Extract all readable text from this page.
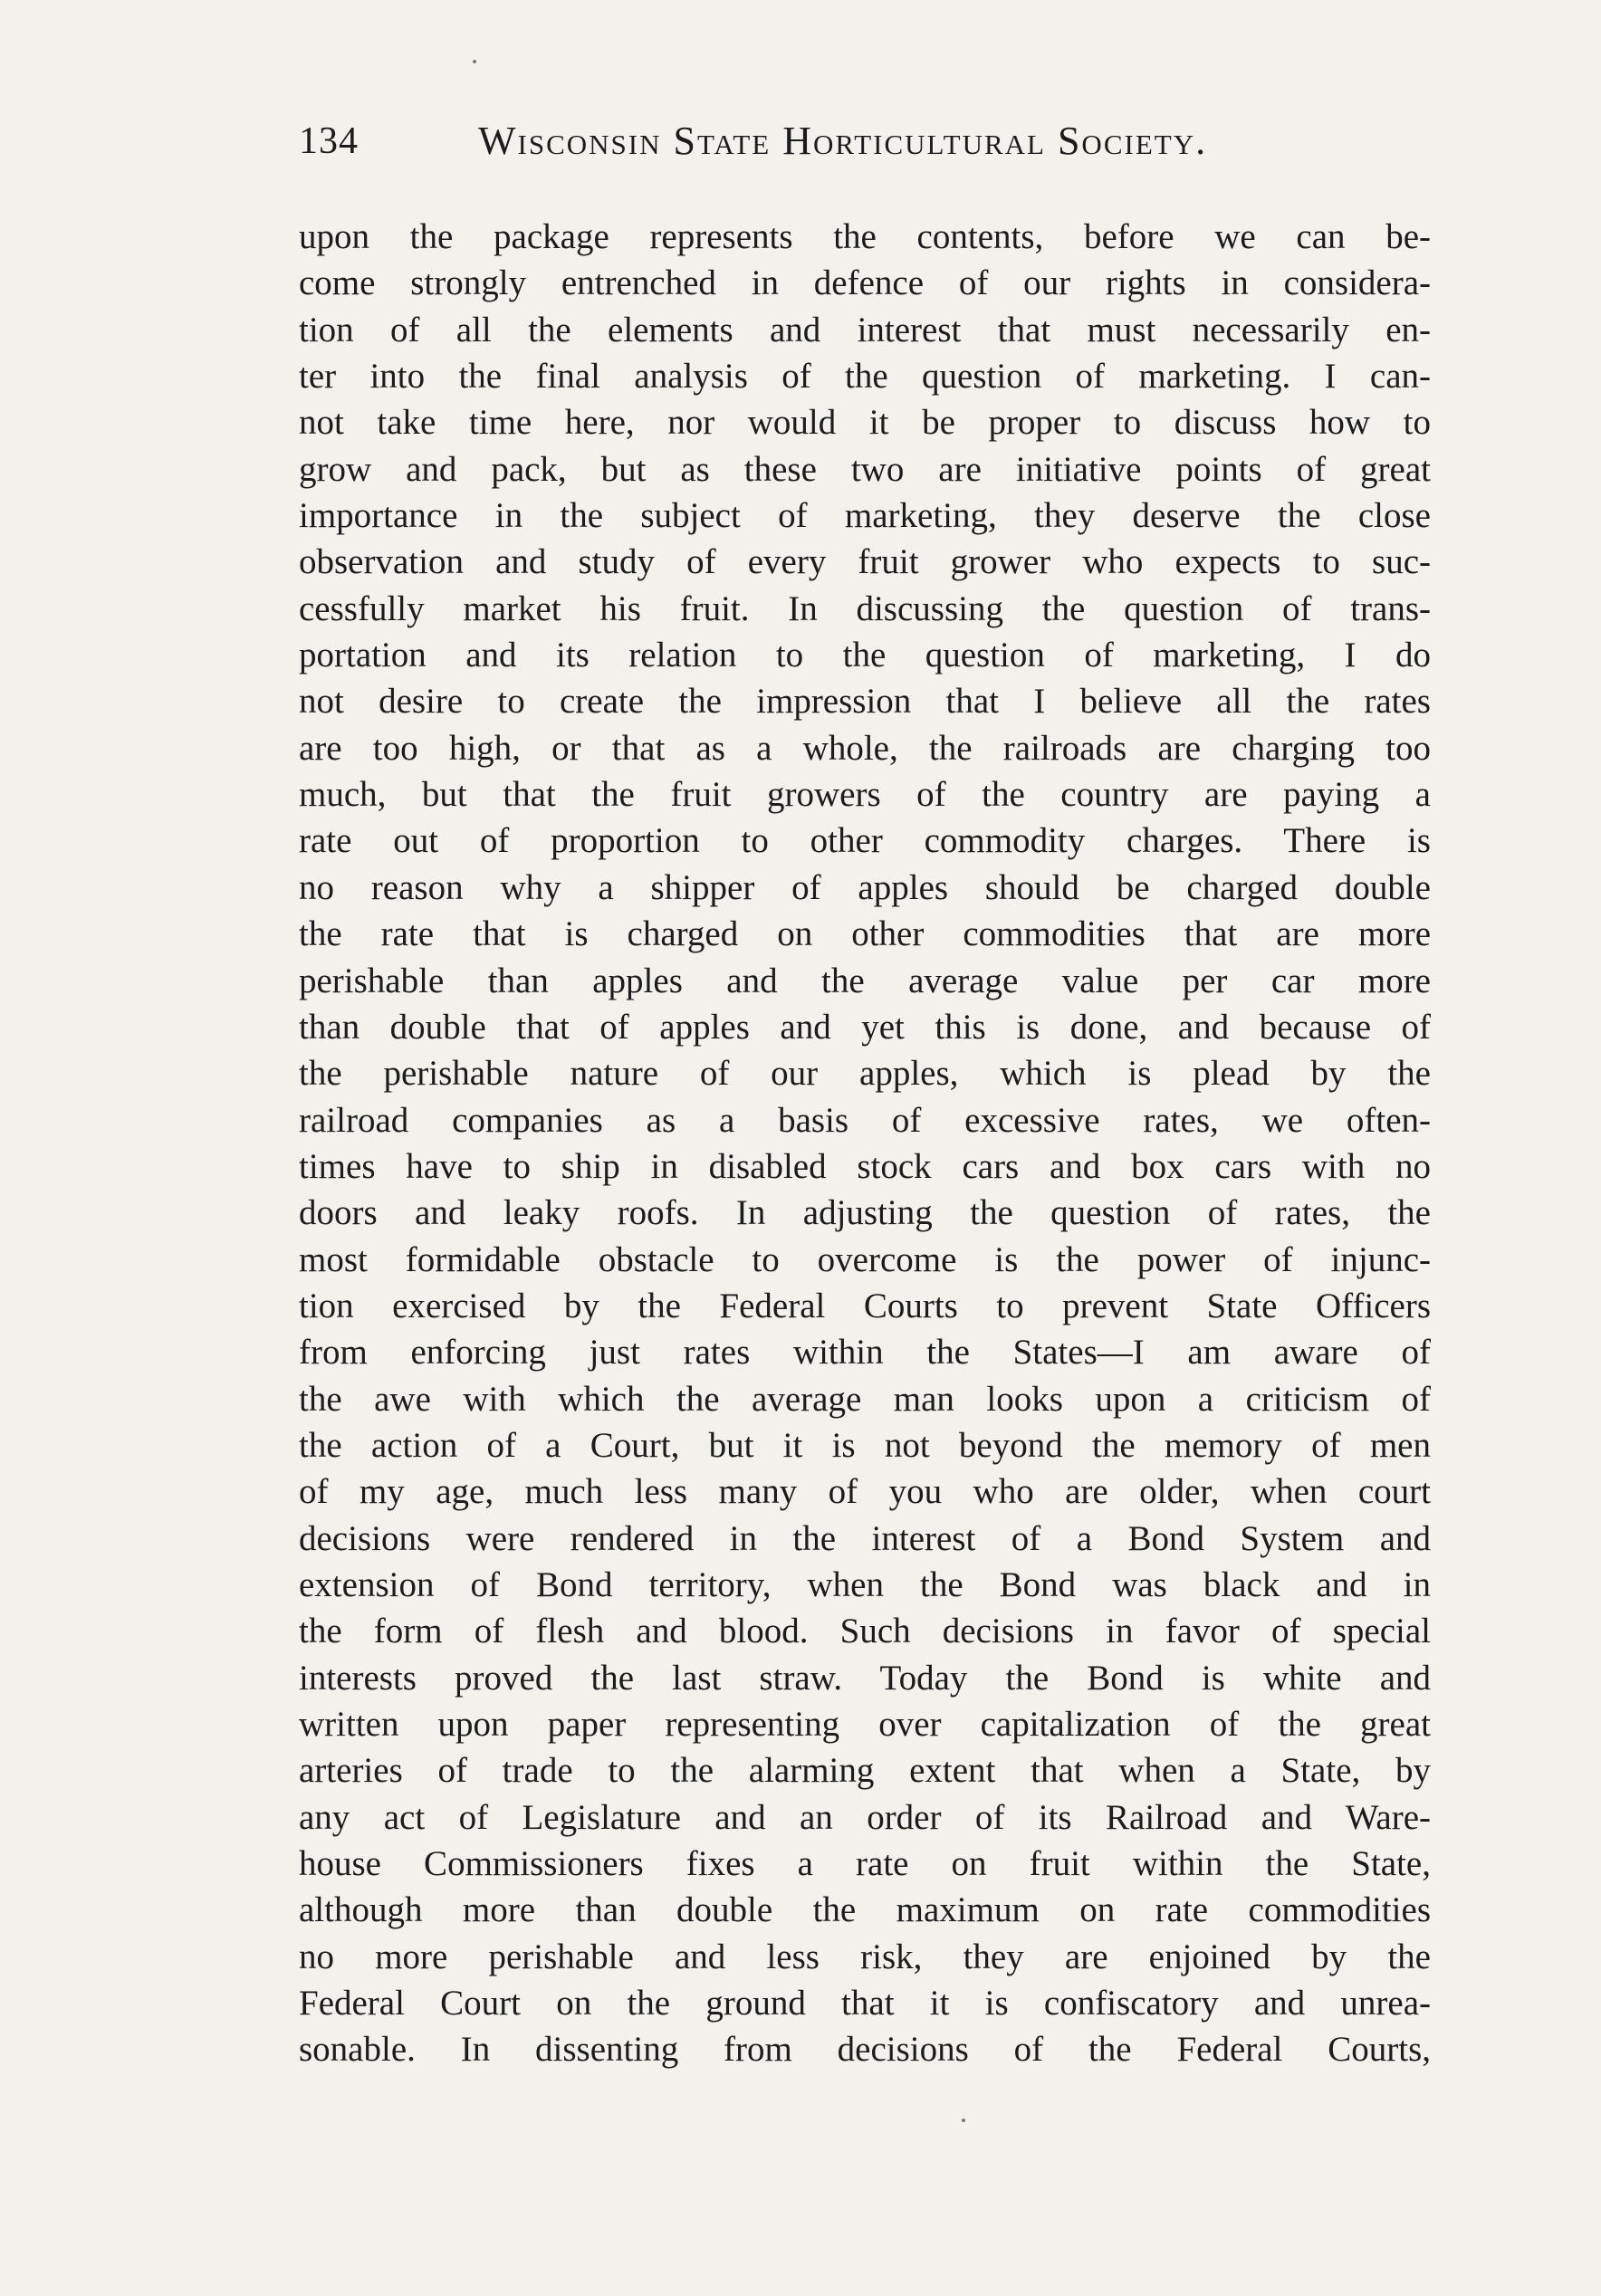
134	Wisconsin State Horticultural Society.
upon the package represents the contents, before we can be-
come strongly entrenched in defence of our rights in considera-
tion of all the elements and interest that must necessarily en-
ter into the final analysis of the question of marketing. I can-
not take time here, nor would it be proper to discuss how to
grow and pack, but as these two are initiative points of great
importance in the subject of marketing, they deserve the close
observation and study of every fruit grower who expects to suc-
cessfully market his fruit. In discussing the question of trans-
portation and its relation to the question of marketing, I do
not desire to create the impression that I believe all the rates
are too high, or that as a whole, the railroads are charging too
much, but that the fruit growers of the country are paying a
rate out of proportion to other commodity charges. There is
no reason why a shipper of apples should be charged double
the rate that is charged on other commodities that are more
perishable than apples and the average value per car more
than double that of apples and yet this is done, and because of
the perishable nature of our apples, which is plead by the
railroad companies as a basis of excessive rates, we often-
times have to ship in disabled stock cars and box cars with no
doors and leaky roofs. In adjusting the question of rates, the
most formidable obstacle to overcome is the power of injunc-
tion exercised by the Federal Courts to prevent State Officers
from enforcing just rates within the States—I am aware of
the awe with which the average man looks upon a criticism of
the action of a Court, but it is not beyond the memory of men
of my age, much less many of you who are older, when court
decisions were rendered in the interest of a Bond System and
extension of Bond territory, when the Bond was black and in
the form of flesh and blood. Such decisions in favor of special
interests proved the last straw. Today the Bond is white and
written upon paper representing over capitalization of the great
arteries of trade to the alarming extent that when a State, by
any act of Legislature and an order of its Railroad and Ware-
house Commissioners fixes a rate on fruit within the State,
although more than double the maximum on rate commodities
no more perishable and less risk, they are enjoined by the
Federal Court on the ground that it is confiscatory and unrea-
sonable. In dissenting from decisions of the Federal Courts,
